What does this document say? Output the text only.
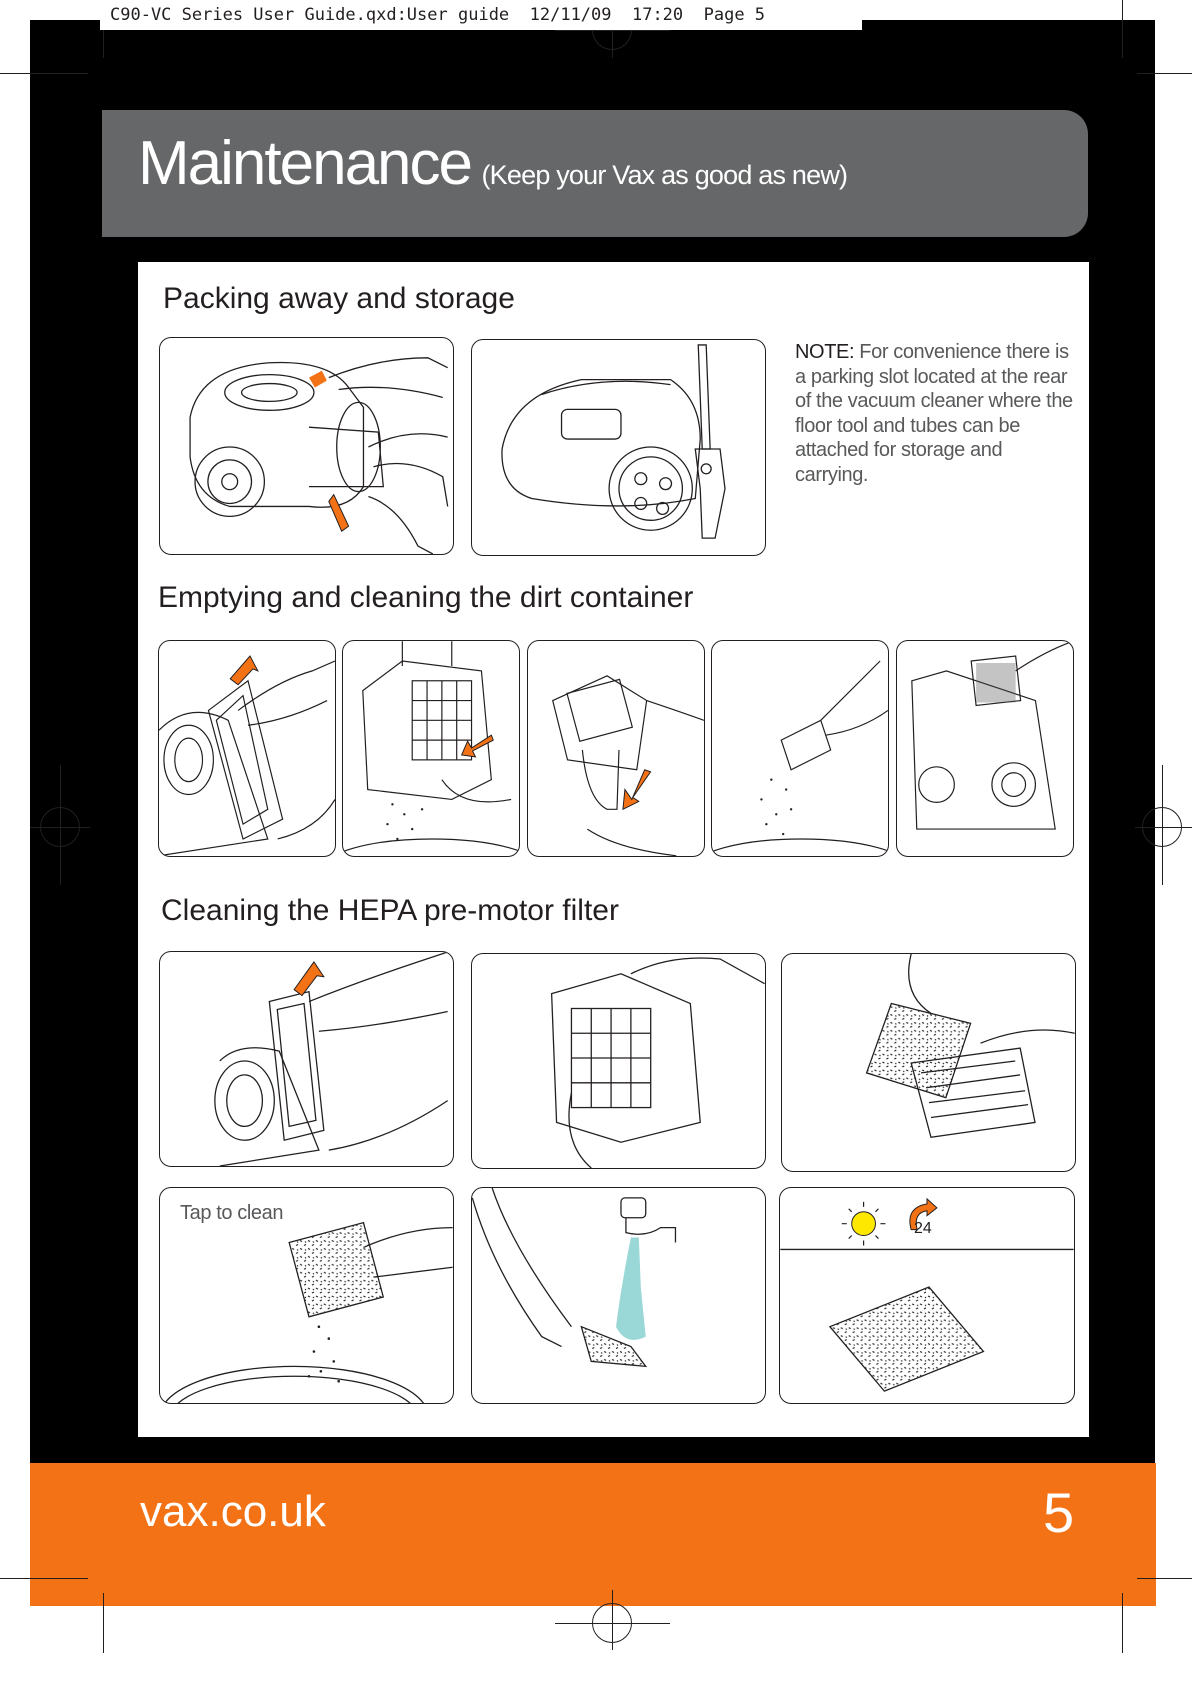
C90-VC Series User Guide.qxd:User guide  12/11/09  17:20  Page 5
Maintenance (Keep your Vax as good as new)
Packing away and storage
NOTE: For convenience there is a parking slot located at the rear of the vacuum cleaner where the floor tool and tubes can be attached for storage and carrying.
Emptying and cleaning the dirt container
Cleaning the HEPA pre-motor filter
Tap to clean
24
vax.co.uk	5
